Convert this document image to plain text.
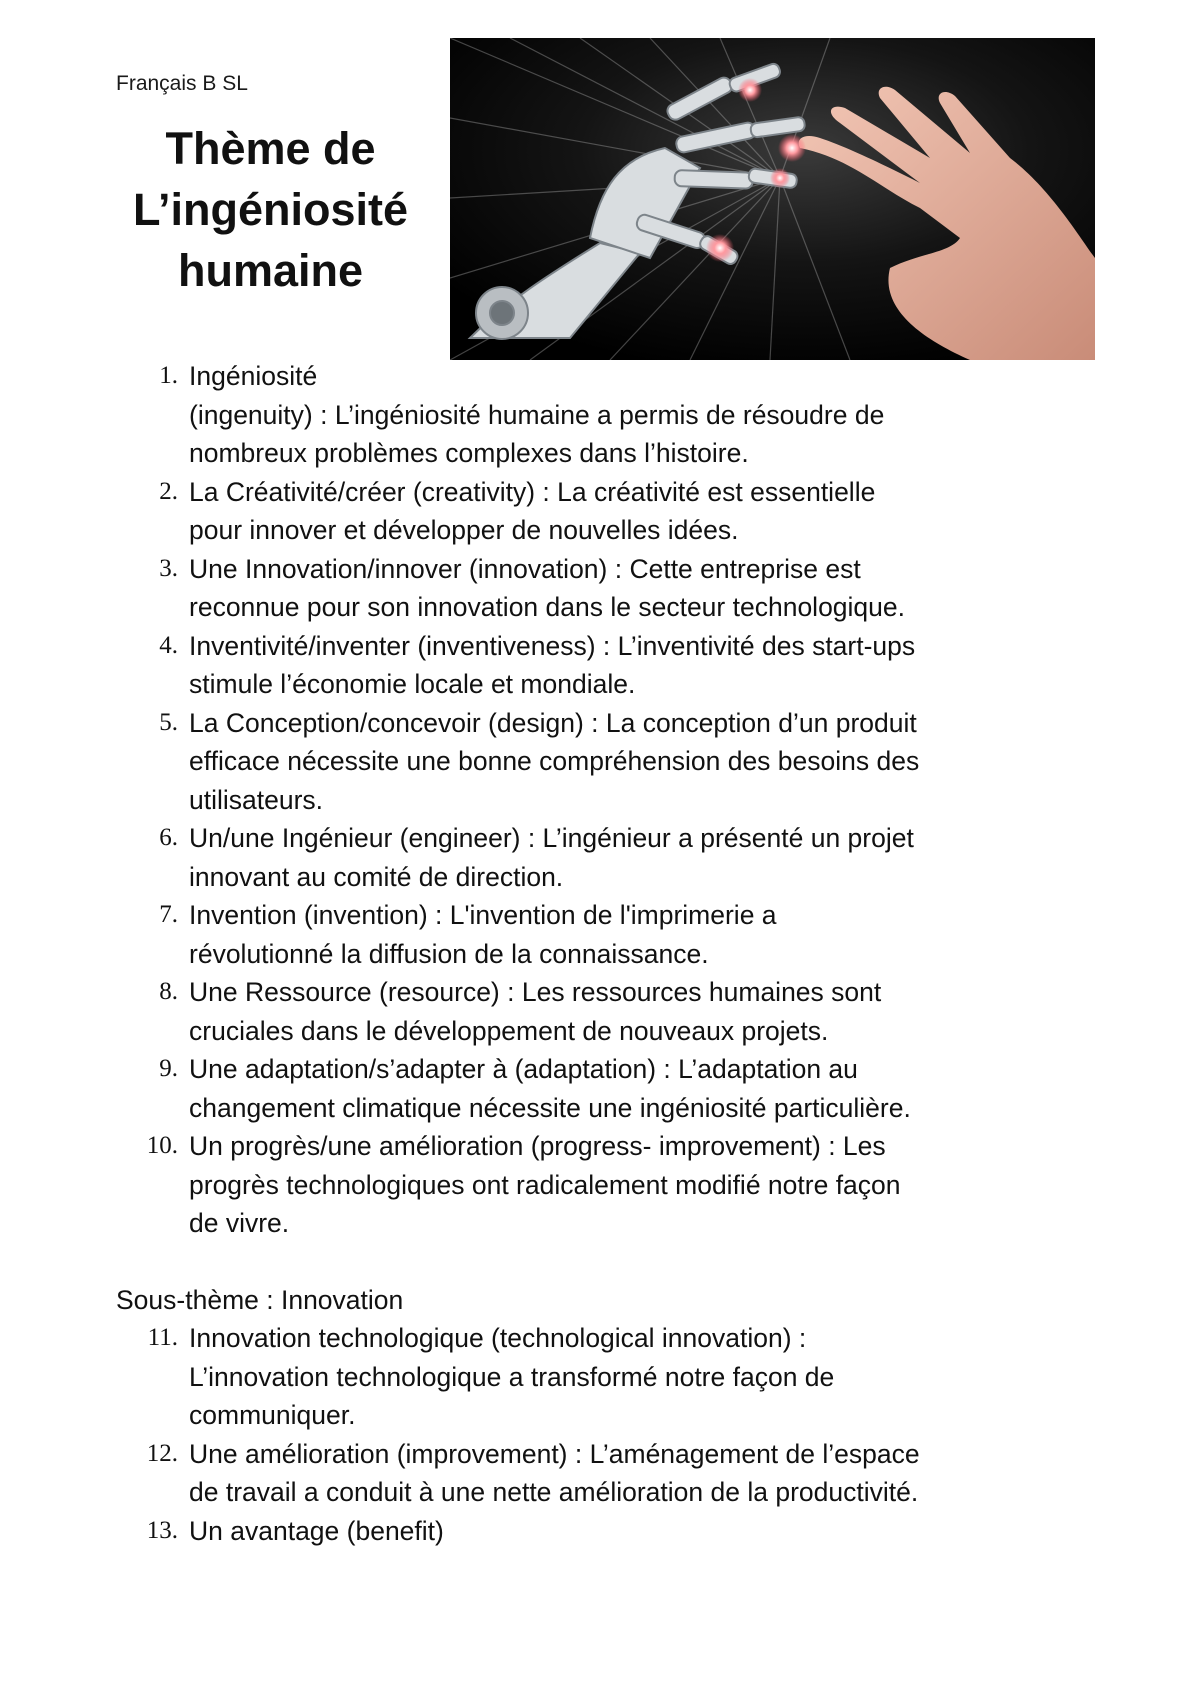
Français B SL
Thème de
L’ingéniosité
humaine
1. Ingéniosité
(ingenuity) : L’ingéniosité humaine a permis de résoudre de
nombreux problèmes complexes dans l’histoire.
2. La Créativité/créer (creativity) : La créativité est essentielle
pour innover et développer de nouvelles idées.
3. Une Innovation/innover (innovation) : Cette entreprise est
reconnue pour son innovation dans le secteur technologique.
4. Inventivité/inventer (inventiveness) : L’inventivité des start-ups
stimule l’économie locale et mondiale.
5. La Conception/concevoir (design) : La conception d’un produit
efficace nécessite une bonne compréhension des besoins des
utilisateurs.
6. Un/une Ingénieur (engineer) : L’ingénieur a présenté un projet
innovant au comité de direction.
7. Invention (invention) : L'invention de l'imprimerie a
révolutionné la diffusion de la connaissance.
8. Une Ressource (resource) : Les ressources humaines sont
cruciales dans le développement de nouveaux projets.
9. Une adaptation/s’adapter à (adaptation) : L’adaptation au
changement climatique nécessite une ingéniosité particulière.
10. Un progrès/une amélioration (progress- improvement) : Les
progrès technologiques ont radicalement modifié notre façon
de vivre.
Sous-thème : Innovation
11. Innovation technologique (technological innovation) :
L’innovation technologique a transformé notre façon de
communiquer.
12. Une amélioration (improvement) : L’aménagement de l’espace
de travail a conduit à une nette amélioration de la productivité.
13. Un avantage (benefit)
